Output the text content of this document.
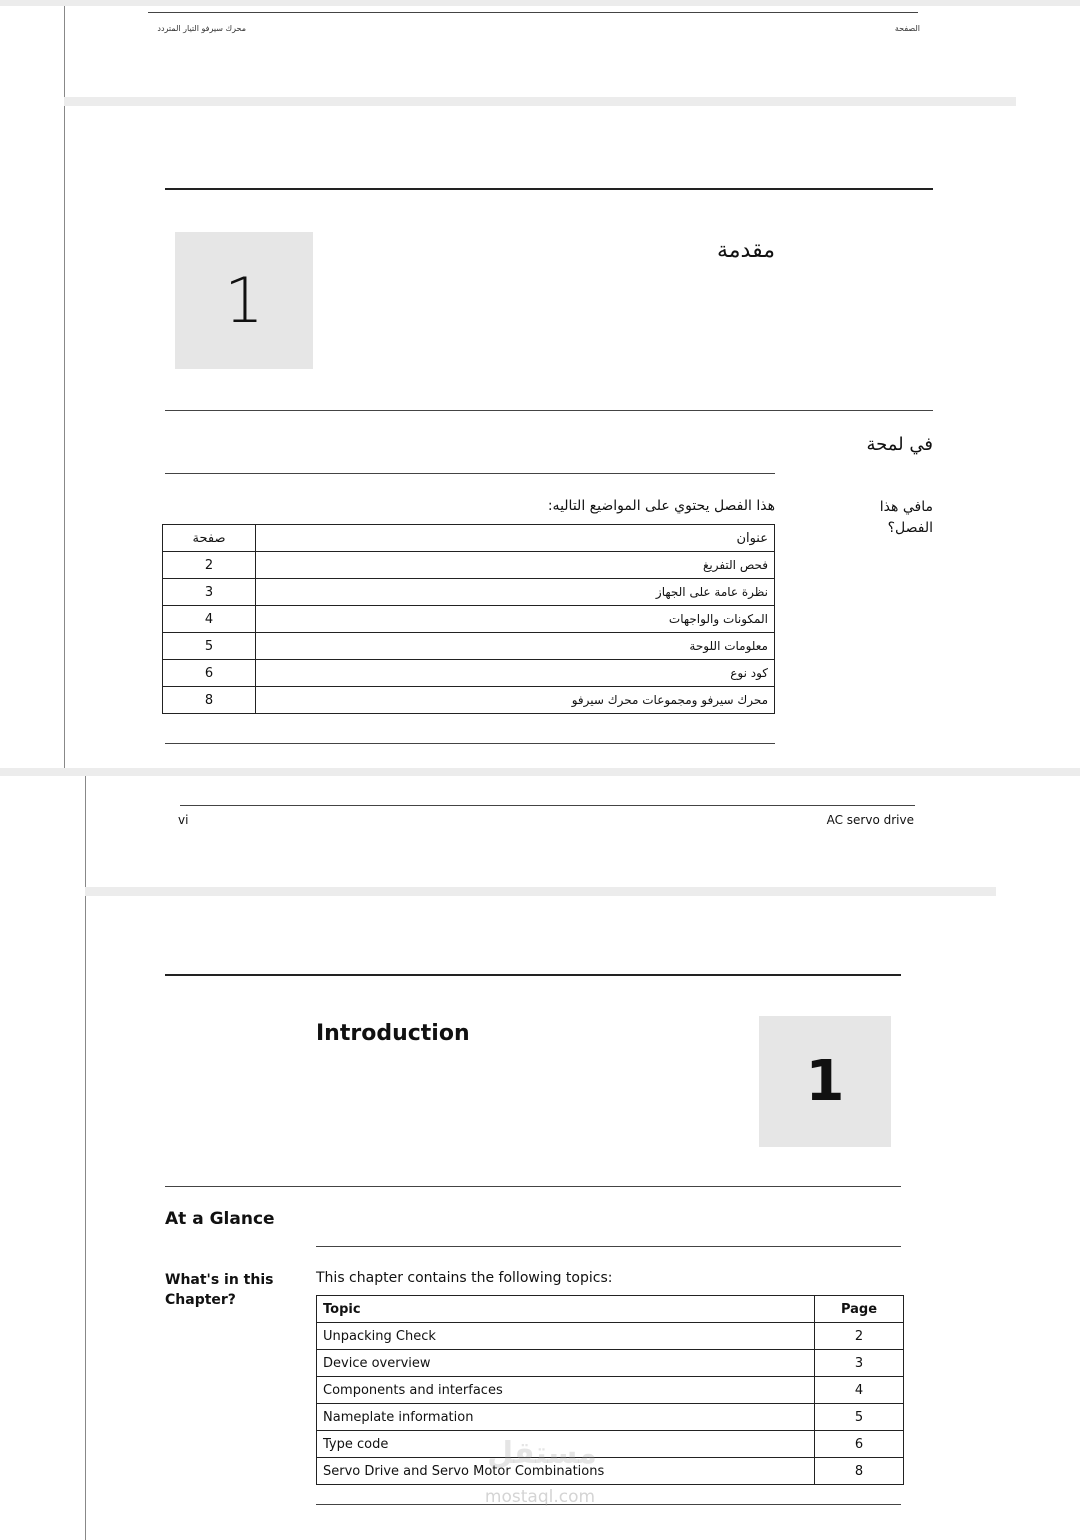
محرك سيرفو التيار المتردد	الصفحة
1
مقدمة
في لمحة
مافي هذا الفصل؟
هذا الفصل يحتوي على المواضيع التاليه:
صفحة	عنوان
2	فحص التفريغ
3	نظرة عامة على الجهاز
4	المكونات والواجهات
5	معلومات اللوحة
6	كود نوع
8	محرك سيرفو ومجموعات محرك سيرفو
vi	AC servo drive
Introduction
1
At a Glance
What's in this
Chapter?
This chapter contains the following topics:
Topic	Page
Unpacking Check	2
Device overview	3
Components and interfaces	4
Nameplate information	5
Type code	6
Servo Drive and Servo Motor Combinations	8
مستقل
mostaql.com
